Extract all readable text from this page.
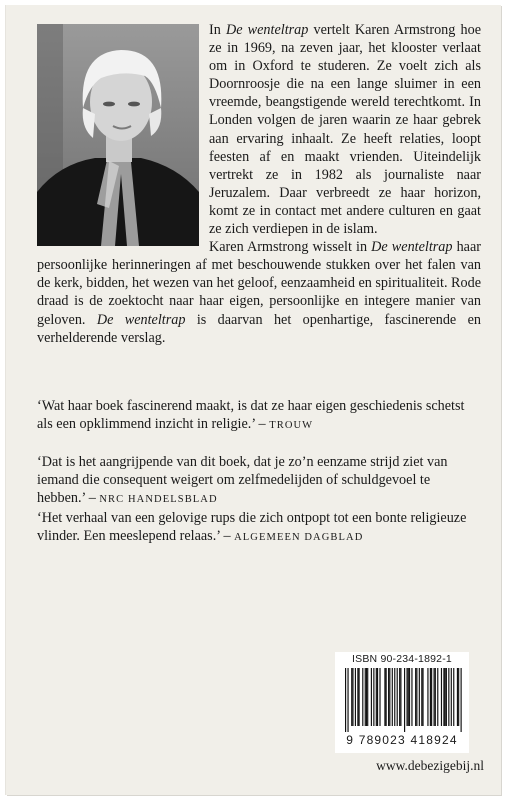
In De wenteltrap vertelt Karen Armstrong hoe ze in 1969, na zeven jaar, het klooster verlaat om in Oxford te studeren. Ze voelt zich als Doornroosje die na een lange sluimer in een vreemde, beangstigende wereld terechtkomt. In Londen volgen de jaren waarin ze haar gebrek aan ervaring inhaalt. Ze heeft relaties, loopt feesten af en maakt vrienden. Uiteindelijk vertrekt ze in 1982 als journaliste naar Jeruzalem. Daar verbreedt ze haar horizon, komt ze in contact met andere culturen en gaat ze zich verdiepen in de islam.

Karen Armstrong wisselt in De wenteltrap haar persoonlijke herinneringen af met beschouwende stukken over het falen van de kerk, bidden, het wezen van het geloof, eenzaamheid en spiritualiteit. Rode draad is de zoektocht naar haar eigen, persoonlijke en integere manier van geloven. De wenteltrap is daarvan het openhartige, fascinerende en verhelderende verslag.

‘Wat haar boek fascinerend maakt, is dat ze haar eigen geschiedenis schetst als een opklimmend inzicht in religie.’ – TROUW

‘Dat is het aangrijpende van dit boek, dat je zo’n eenzame strijd ziet van iemand die consequent weigert om zelfmedelijden of schuldgevoel te hebben.’ – NRC HANDELSBLAD

‘Het verhaal van een gelovige rups die zich ontpopt tot een bonte religieuze vlinder. Een meeslepend relaas.’ – ALGEMEEN DAGBLAD

ISBN 90-234-1892-1
9 789023 418924
www.debezigebij.nl
